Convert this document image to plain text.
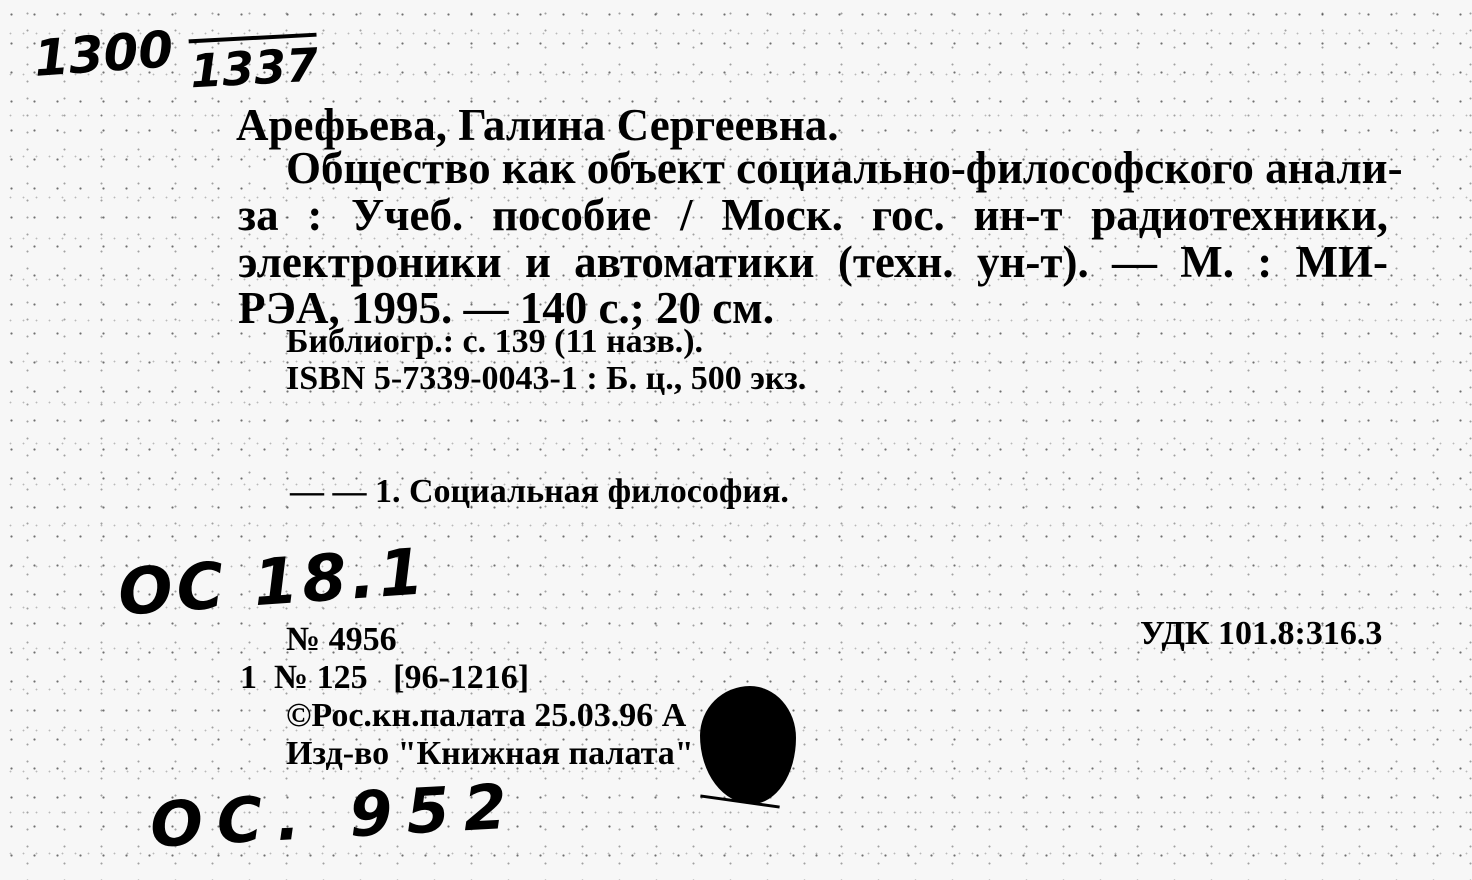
1300 1337
Арефьева, Галина Сергеевна.
Общество как объект социально-философского анали-
за : Учеб. пособие / Моск. гос. ин-т радиотехники,
электроники и автоматики (техн. ун-т). — М. : МИ-
РЭА, 1995. — 140 с.; 20 см.
Библиогр.: с. 139 (11 назв.).
ISBN 5-7339-0043-1 : Б. ц., 500 экз.
— — 1. Социальная философия.
OC 18.1
№ 4956	УДК 101.8:316.3
1  № 125   [96-1216]
©Рос.кн.палата 25.03.96 А
Изд-во "Книжная палата"
OC. 952
